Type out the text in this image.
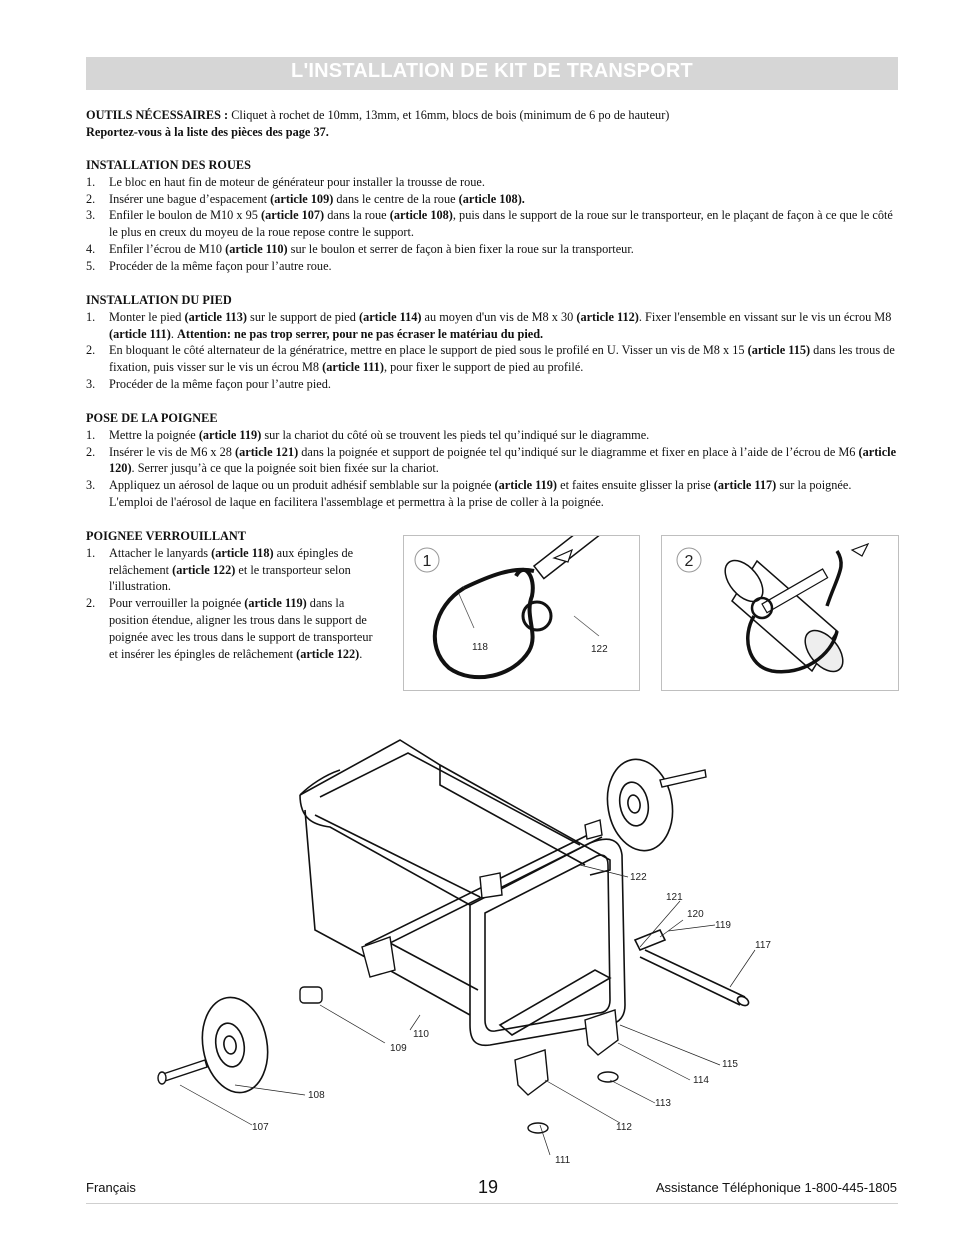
L'INSTALLATION DE KIT DE TRANSPORT
OUTILS NÉCESSAIRES : Cliquet à rochet de 10mm, 13mm, et 16mm, blocs de bois (minimum de 6 po de hauteur)
Reportez-vous à la liste des pièces des page 37.
INSTALLATION DES ROUES
1. Le bloc en haut fin de moteur de générateur pour installer la trousse de roue.
2. Insérer une bague d’espacement (article 109) dans le centre de la roue (article 108).
3. Enfiler le boulon de M10 x 95 (article 107) dans la roue (article 108), puis dans le support de la roue sur le transporteur, en le plaçant de façon à ce que le côté le plus en creux du moyeu de la roue repose contre le support.
4. Enfiler l’écrou de M10 (article 110) sur le boulon et serrer de façon à bien fixer la roue sur la transporteur.
5. Procéder de la même façon pour l’autre roue.
INSTALLATION DU PIED
1. Monter le pied (article 113) sur le support de pied (article 114) au moyen d'un vis de M8 x 30 (article 112). Fixer l'ensemble en vissant sur le vis un écrou M8 (article 111). Attention: ne pas trop serrer, pour ne pas écraser le matériau du pied.
2. En bloquant le côté alternateur de la génératrice, mettre en place le support de pied sous le profilé en U. Visser un vis de M8 x 15 (article 115) dans les trous de fixation, puis visser sur le vis un écrou M8 (article 111), pour fixer le support de pied au profilé.
3. Procéder de la même façon pour l’autre pied.
POSE DE LA POIGNEE
1. Mettre la poignée (article 119) sur la chariot du côté où se trouvent les pieds tel qu’indiqué sur le diagramme.
2. Insérer le vis de M6 x 28 (article 121) dans la poignée et support de poignée tel qu’indiqué sur le diagramme et fixer en place à l’aide de l’écrou de M6 (article 120). Serrer jusqu’à ce que la poignée soit bien fixée sur la chariot.
3. Appliquez un aérosol de laque ou un produit adhésif semblable sur la poignée (article 119) et faites ensuite glisser la prise (article 117) sur la poignée. L'emploi de l'aérosol de laque en facilitera l'assemblage et permettra à la prise de coller à la poignée.
POIGNEE VERROUILLANT
1. Attacher le lanyards (article 118) aux épingles de relâchement (article 122) et le transporteur selon l'illustration.
2. Pour verrouiller la poignée (article 119) dans la position étendue, aligner les trous dans le support de poignée avec les trous dans le support de transporteur et insérer les épingles de relâchement (article 122).
1
118	122
2
122
121
120
119
117
115
114
113
112
111
110
109
108
107
Français	19	Assistance Téléphonique 1-800-445-1805
